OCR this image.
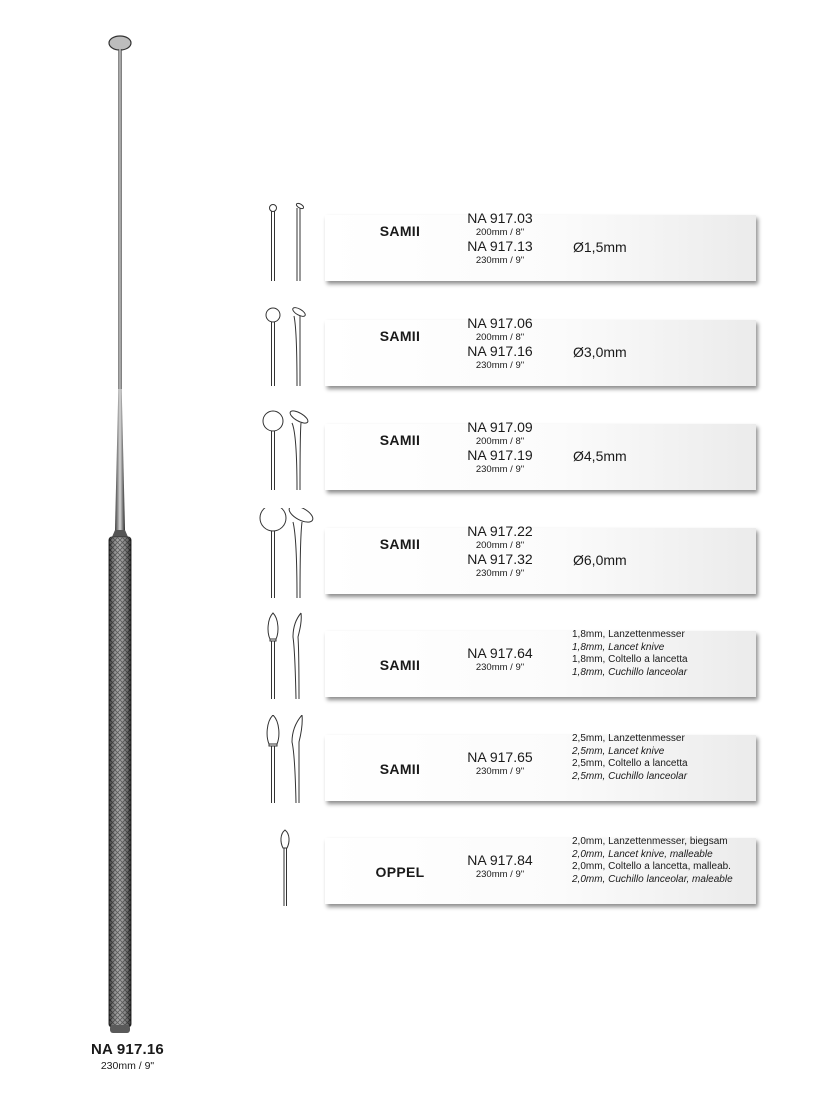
NA 917.16
230mm / 9"
SAMII
NA 917.03
200mm / 8"
NA 917.13
230mm / 9"
Ø1,5mm
SAMII
NA 917.06
200mm / 8"
NA 917.16
230mm / 9"
Ø3,0mm
SAMII
NA 917.09
200mm / 8"
NA 917.19
230mm / 9"
Ø4,5mm
SAMII
NA 917.22
200mm / 8"
NA 917.32
230mm / 9"
Ø6,0mm
SAMII
NA 917.64
230mm / 9"
1,8mm, Lanzettenmesser
1,8mm, Lancet knive
1,8mm, Coltello a lancetta
1,8mm, Cuchillo lanceolar
SAMII
NA 917.65
230mm / 9"
2,5mm, Lanzettenmesser
2,5mm, Lancet knive
2,5mm, Coltello a lancetta
2,5mm, Cuchillo lanceolar
OPPEL
NA 917.84
230mm / 9"
2,0mm, Lanzettenmesser, biegsam
2,0mm, Lancet knive, malleable
2,0mm, Coltello a lancetta, malleab.
2,0mm, Cuchillo lanceolar, maleable
